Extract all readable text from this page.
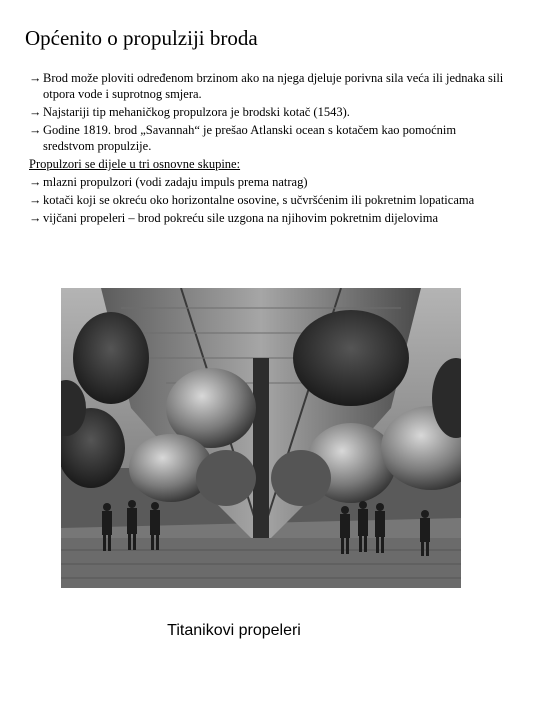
Općenito o propulziji broda
→ Brod može ploviti određenom brzinom ako na njega djeluje porivna sila veća ili jednaka sili otpora vode i suprotnog smjera.
→ Najstariji tip mehaničkog propulzora je brodski kotač (1543).
→ Godine 1819. brod „Savannah“ je prešao Atlanski ocean s kotačem kao pomoćnim sredstvom propulzije.
Propulzori se dijele u tri osnovne skupine:
→ mlazni propulzori (vodi zadaju impuls prema natrag)
→ kotači koji se okreću oko horizontalne osovine, s učvršćenim ili pokretnim lopaticama
→ vijčani propeleri – brod pokreću sile uzgona na njihovim pokretnim dijelovima
Titanikovi propeleri
